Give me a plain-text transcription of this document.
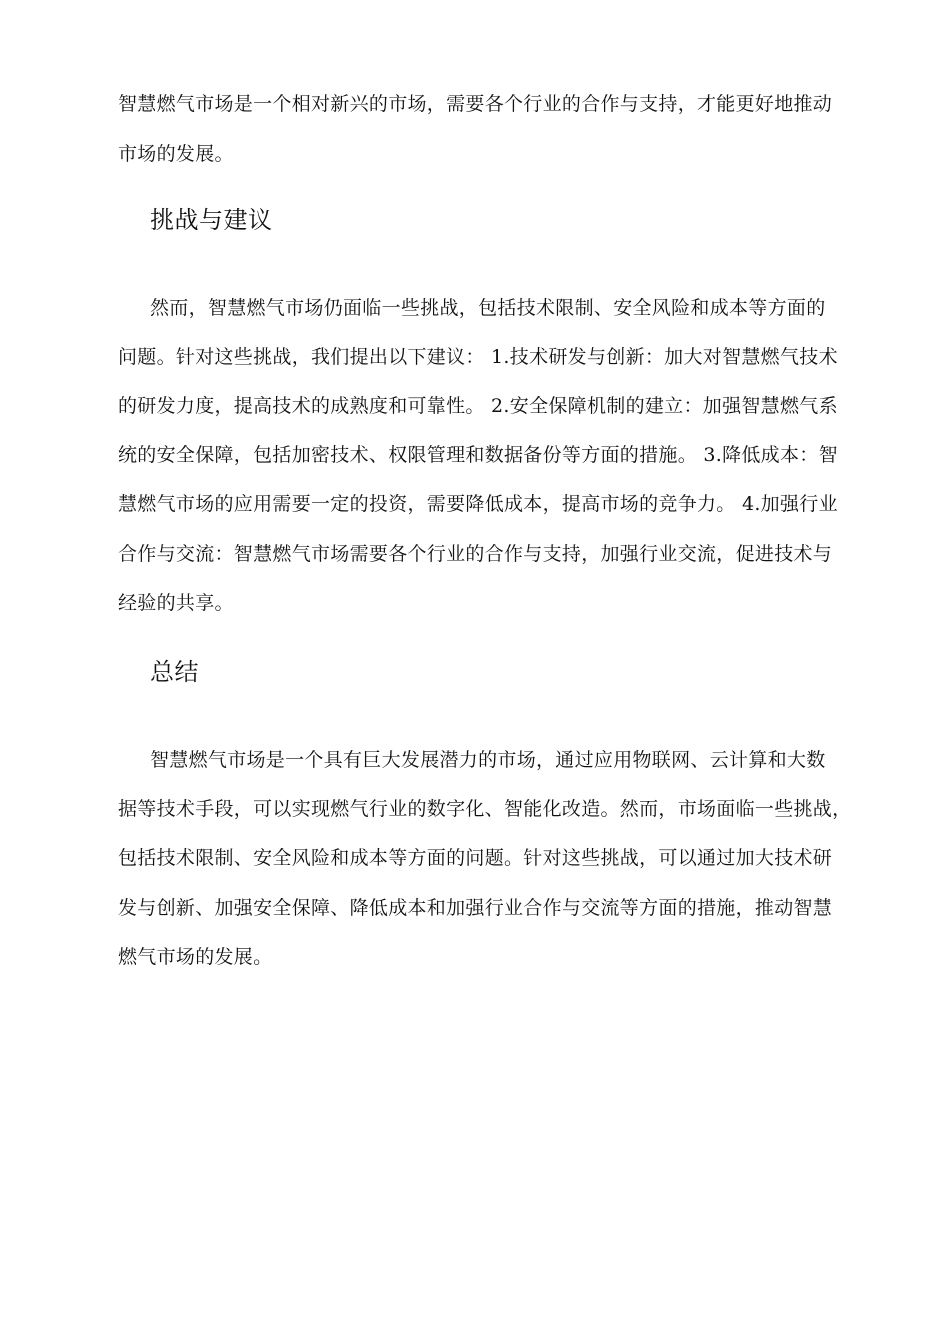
智慧燃气市场是一个相对新兴的市场，需要各个行业的合作与支持，才能更好地推动
市场的发展。
挑战与建议
然而，智慧燃气市场仍面临一些挑战，包括技术限制、安全风险和成本等方面的
问题。针对这些挑战，我们提出以下建议： 1.技术研发与创新：加大对智慧燃气技术
的研发力度，提高技术的成熟度和可靠性。 2.安全保障机制的建立：加强智慧燃气系
统的安全保障，包括加密技术、权限管理和数据备份等方面的措施。 3.降低成本：智
慧燃气市场的应用需要一定的投资，需要降低成本，提高市场的竞争力。 4.加强行业
合作与交流：智慧燃气市场需要各个行业的合作与支持，加强行业交流，促进技术与
经验的共享。
总结
智慧燃气市场是一个具有巨大发展潜力的市场，通过应用物联网、云计算和大数
据等技术手段，可以实现燃气行业的数字化、智能化改造。然而，市场面临一些挑战，
包括技术限制、安全风险和成本等方面的问题。针对这些挑战，可以通过加大技术研
发与创新、加强安全保障、降低成本和加强行业合作与交流等方面的措施，推动智慧
燃气市场的发展。
